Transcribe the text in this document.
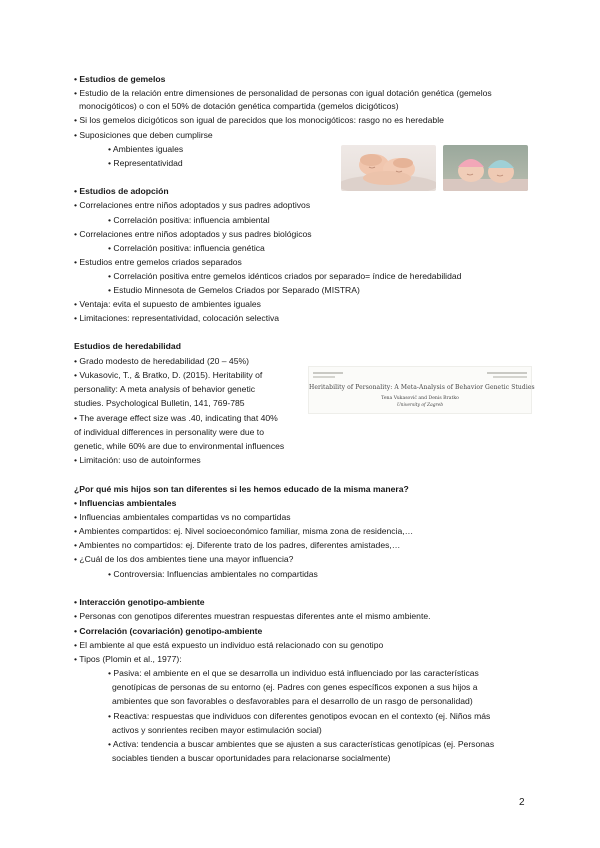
• Estudios de gemelos
• Estudio de la relación entre dimensiones de personalidad de personas con igual dotación genética (gemelos
monocigóticos) o con el 50% de dotación genética compartida (gemelos dicigóticos)
• Si los gemelos dicigóticos son igual de parecidos que los monocigóticos: rasgo no es heredable
• Suposiciones que deben cumplirse
• Ambientes iguales
• Representatividad
• Estudios de adopción
• Correlaciones entre niños adoptados y sus padres adoptivos
• Correlación positiva: influencia ambiental
• Correlaciones entre niños adoptados y sus padres biológicos
• Correlación positiva: influencia genética
• Estudios entre gemelos criados separados
• Correlación positiva entre gemelos idénticos criados por separado= índice de heredabilidad
• Estudio Minnesota de Gemelos Criados por Separado (MISTRA)
• Ventaja: evita el supuesto de ambientes iguales
• Limitaciones: representatividad, colocación selectiva
Estudios de heredabilidad
• Grado modesto de heredabilidad (20 – 45%)
• Vukasovic, T., & Bratko, D. (2015). Heritability of
personality: A meta analysis of behavior genetic
studies. Psychological Bulletin, 141, 769-785
• The average effect size was .40, indicating that 40%
of individual differences in personality were due to
genetic, while 60% are due to environmental influences
• Limitación: uso de autoinformes
Heritability of Personality: A Meta-Analysis of Behavior Genetic Studies
Tena Vukasović and Denis Bratko
University of Zagreb
¿Por qué mis hijos son tan diferentes si les hemos educado de la misma manera?
• Influencias ambientales
• Influencias ambientales compartidas vs no compartidas
• Ambientes compartidos: ej. Nivel socioeconómico familiar, misma zona de residencia,…
• Ambientes no compartidos: ej. Diferente trato de los padres, diferentes amistades,…
• ¿Cuál de los dos ambientes tiene una mayor influencia?
• Controversia: Influencias ambientales no compartidas
• Interacción genotipo-ambiente
• Personas con genotipos diferentes muestran respuestas diferentes ante el mismo ambiente.
• Correlación (covariación) genotipo-ambiente
• El ambiente al que está expuesto un individuo está relacionado con su genotipo
• Tipos (Plomin et al., 1977):
• Pasiva: el ambiente en el que se desarrolla un individuo está influenciado por las características
genotípicas de personas de su entorno (ej. Padres con genes específicos exponen a sus hijos a
ambientes que son favorables o desfavorables para el desarrollo de un rasgo de personalidad)
• Reactiva: respuestas que individuos con diferentes genotipos evocan en el contexto (ej. Niños más
activos y sonrientes reciben mayor estimulación social)
• Activa: tendencia a buscar ambientes que se ajusten a sus características genotípicas (ej. Personas
sociables tienden a buscar oportunidades para relacionarse socialmente)
2
